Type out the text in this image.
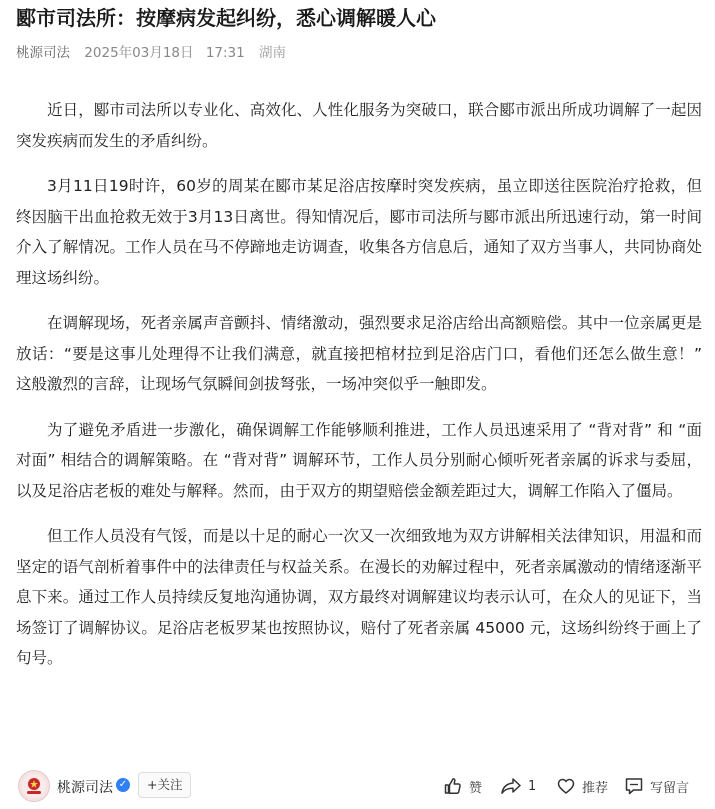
郾市司法所：按摩病发起纠纷，悉心调解暖人心
桃源司法 2025年03月18日 17:31 湖南

近日，郾市司法所以专业化、高效化、人性化服务为突破口，联合郾市派出所成功调解了一起因突发疾病而发生的矛盾纠纷。

3月11日19时许，60岁的周某在郾市某足浴店按摩时突发疾病，虽立即送往医院治疗抢救，但终因脑干出血抢救无效于3月13日离世。得知情况后，郾市司法所与郾市派出所迅速行动，第一时间介入了解情况。工作人员在马不停蹄地走访调查，收集各方信息后，通知了双方当事人，共同协商处理这场纠纷。

在调解现场，死者亲属声音颤抖、情绪激动，强烈要求足浴店给出高额赔偿。其中一位亲属更是放话：“要是这事儿处理得不让我们满意，就直接把棺材拉到足浴店门口，看他们还怎么做生意！” 这般激烈的言辞，让现场气氛瞬间剑拔弩张，一场冲突似乎一触即发。

为了避免矛盾进一步激化，确保调解工作能够顺利推进，工作人员迅速采用了 “背对背” 和 “面对面” 相结合的调解策略。在 “背对背” 调解环节，工作人员分别耐心倾听死者亲属的诉求与委屈，以及足浴店老板的难处与解释。然而，由于双方的期望赔偿金额差距过大，调解工作陷入了僵局。

但工作人员没有气馁，而是以十足的耐心一次又一次细致地为双方讲解相关法律知识，用温和而坚定的语气剖析着事件中的法律责任与权益关系。在漫长的劝解过程中，死者亲属激动的情绪逐渐平息下来。通过工作人员持续反复地沟通协调，双方最终对调解建议均表示认可，在众人的见证下，当场签订了调解协议。足浴店老板罗某也按照协议，赔付了死者亲属 45000 元，这场纠纷终于画上了句号。

桃源司法 ✓	+关注	赞	1	推荐	写留言
